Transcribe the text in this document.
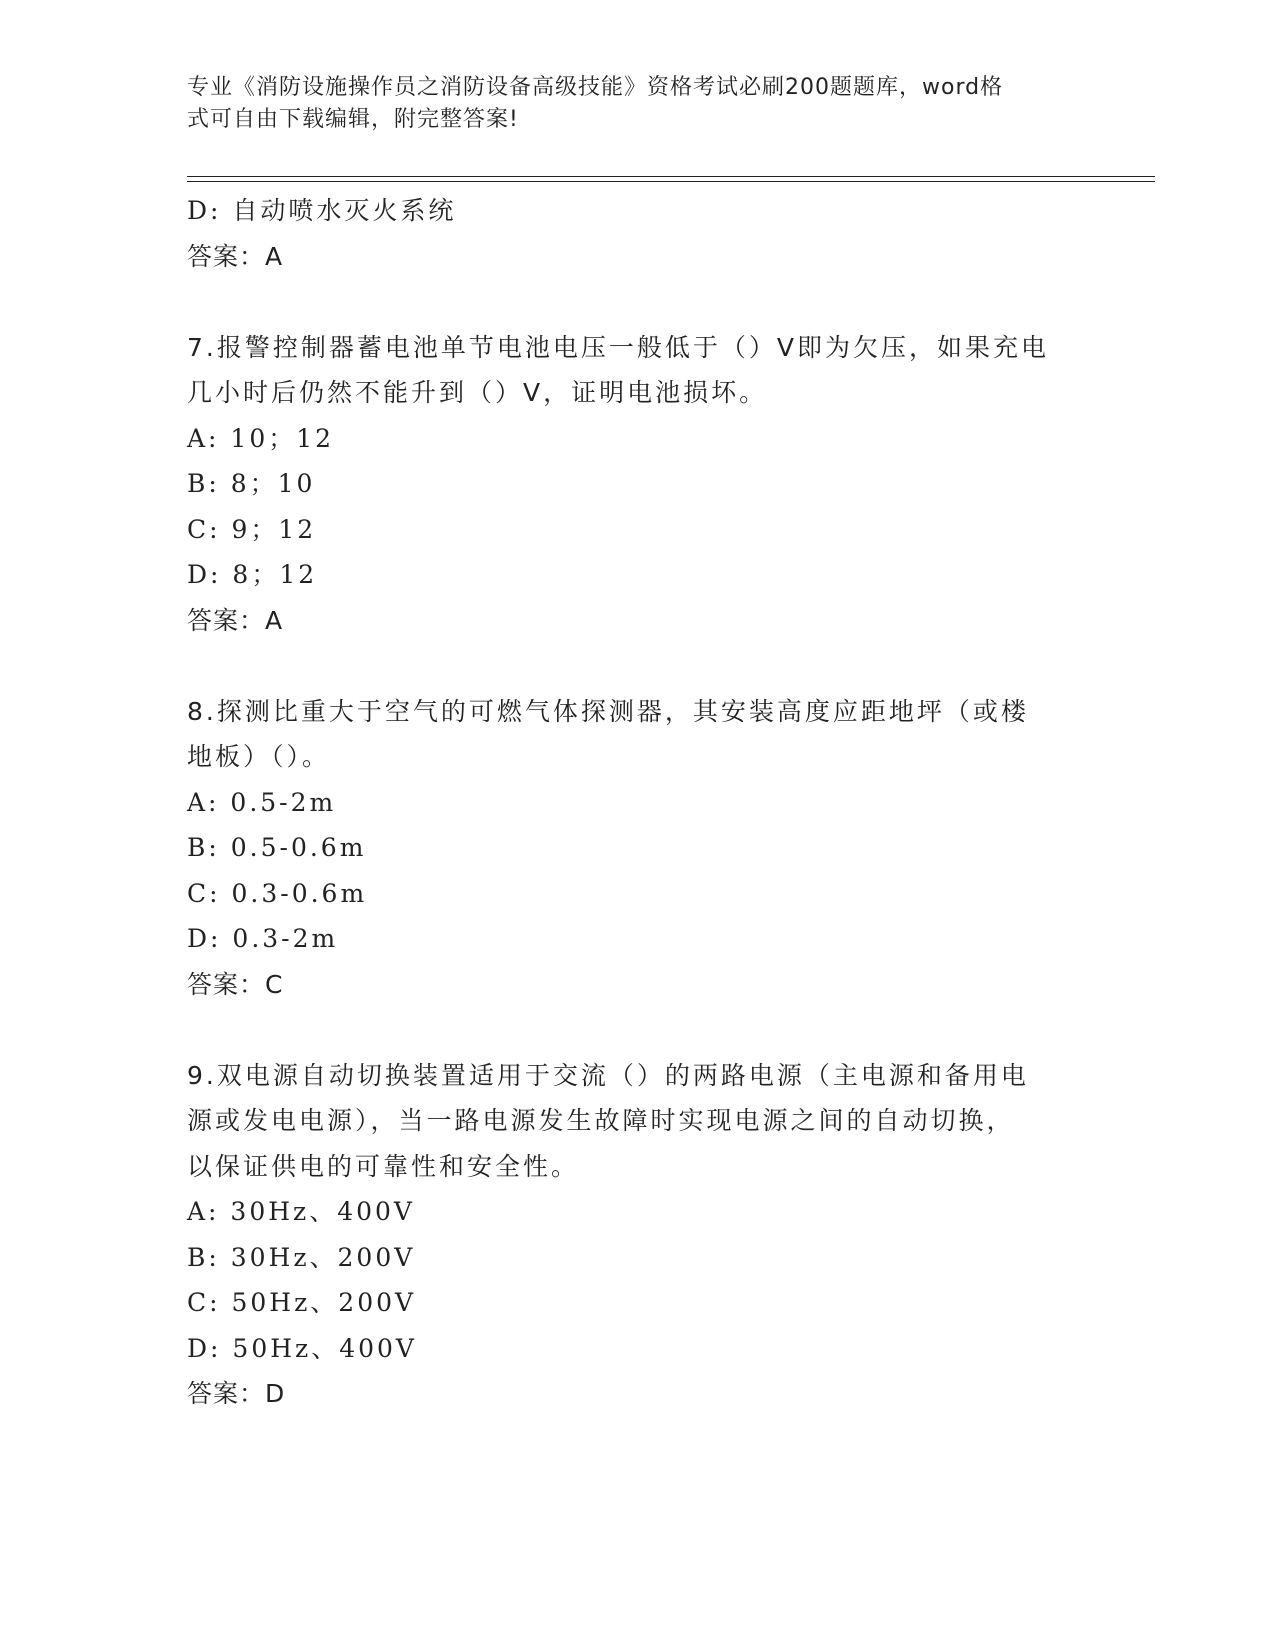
专业《消防设施操作员之消防设备高级技能》资格考试必刷200题题库，word格
式可自由下载编辑，附完整答案!
D: 自动喷水灭火系统
答案：A
7.报警控制器蓄电池单节电池电压一般低于（）V即为欠压，如果充电
几小时后仍然不能升到（）V，证明电池损坏。
A: 10；12
B: 8；10
C: 9；12
D: 8；12
答案：A
8.探测比重大于空气的可燃气体探测器，其安装高度应距地坪（或楼
地板）（）。
A: 0.5-2m
B: 0.5-0.6m
C: 0.3-0.6m
D: 0.3-2m
答案：C
9.双电源自动切换装置适用于交流（）的两路电源（主电源和备用电
源或发电电源），当一路电源发生故障时实现电源之间的自动切换，
以保证供电的可靠性和安全性。
A: 30Hz、400V
B: 30Hz、200V
C: 50Hz、200V
D: 50Hz、400V
答案：D
